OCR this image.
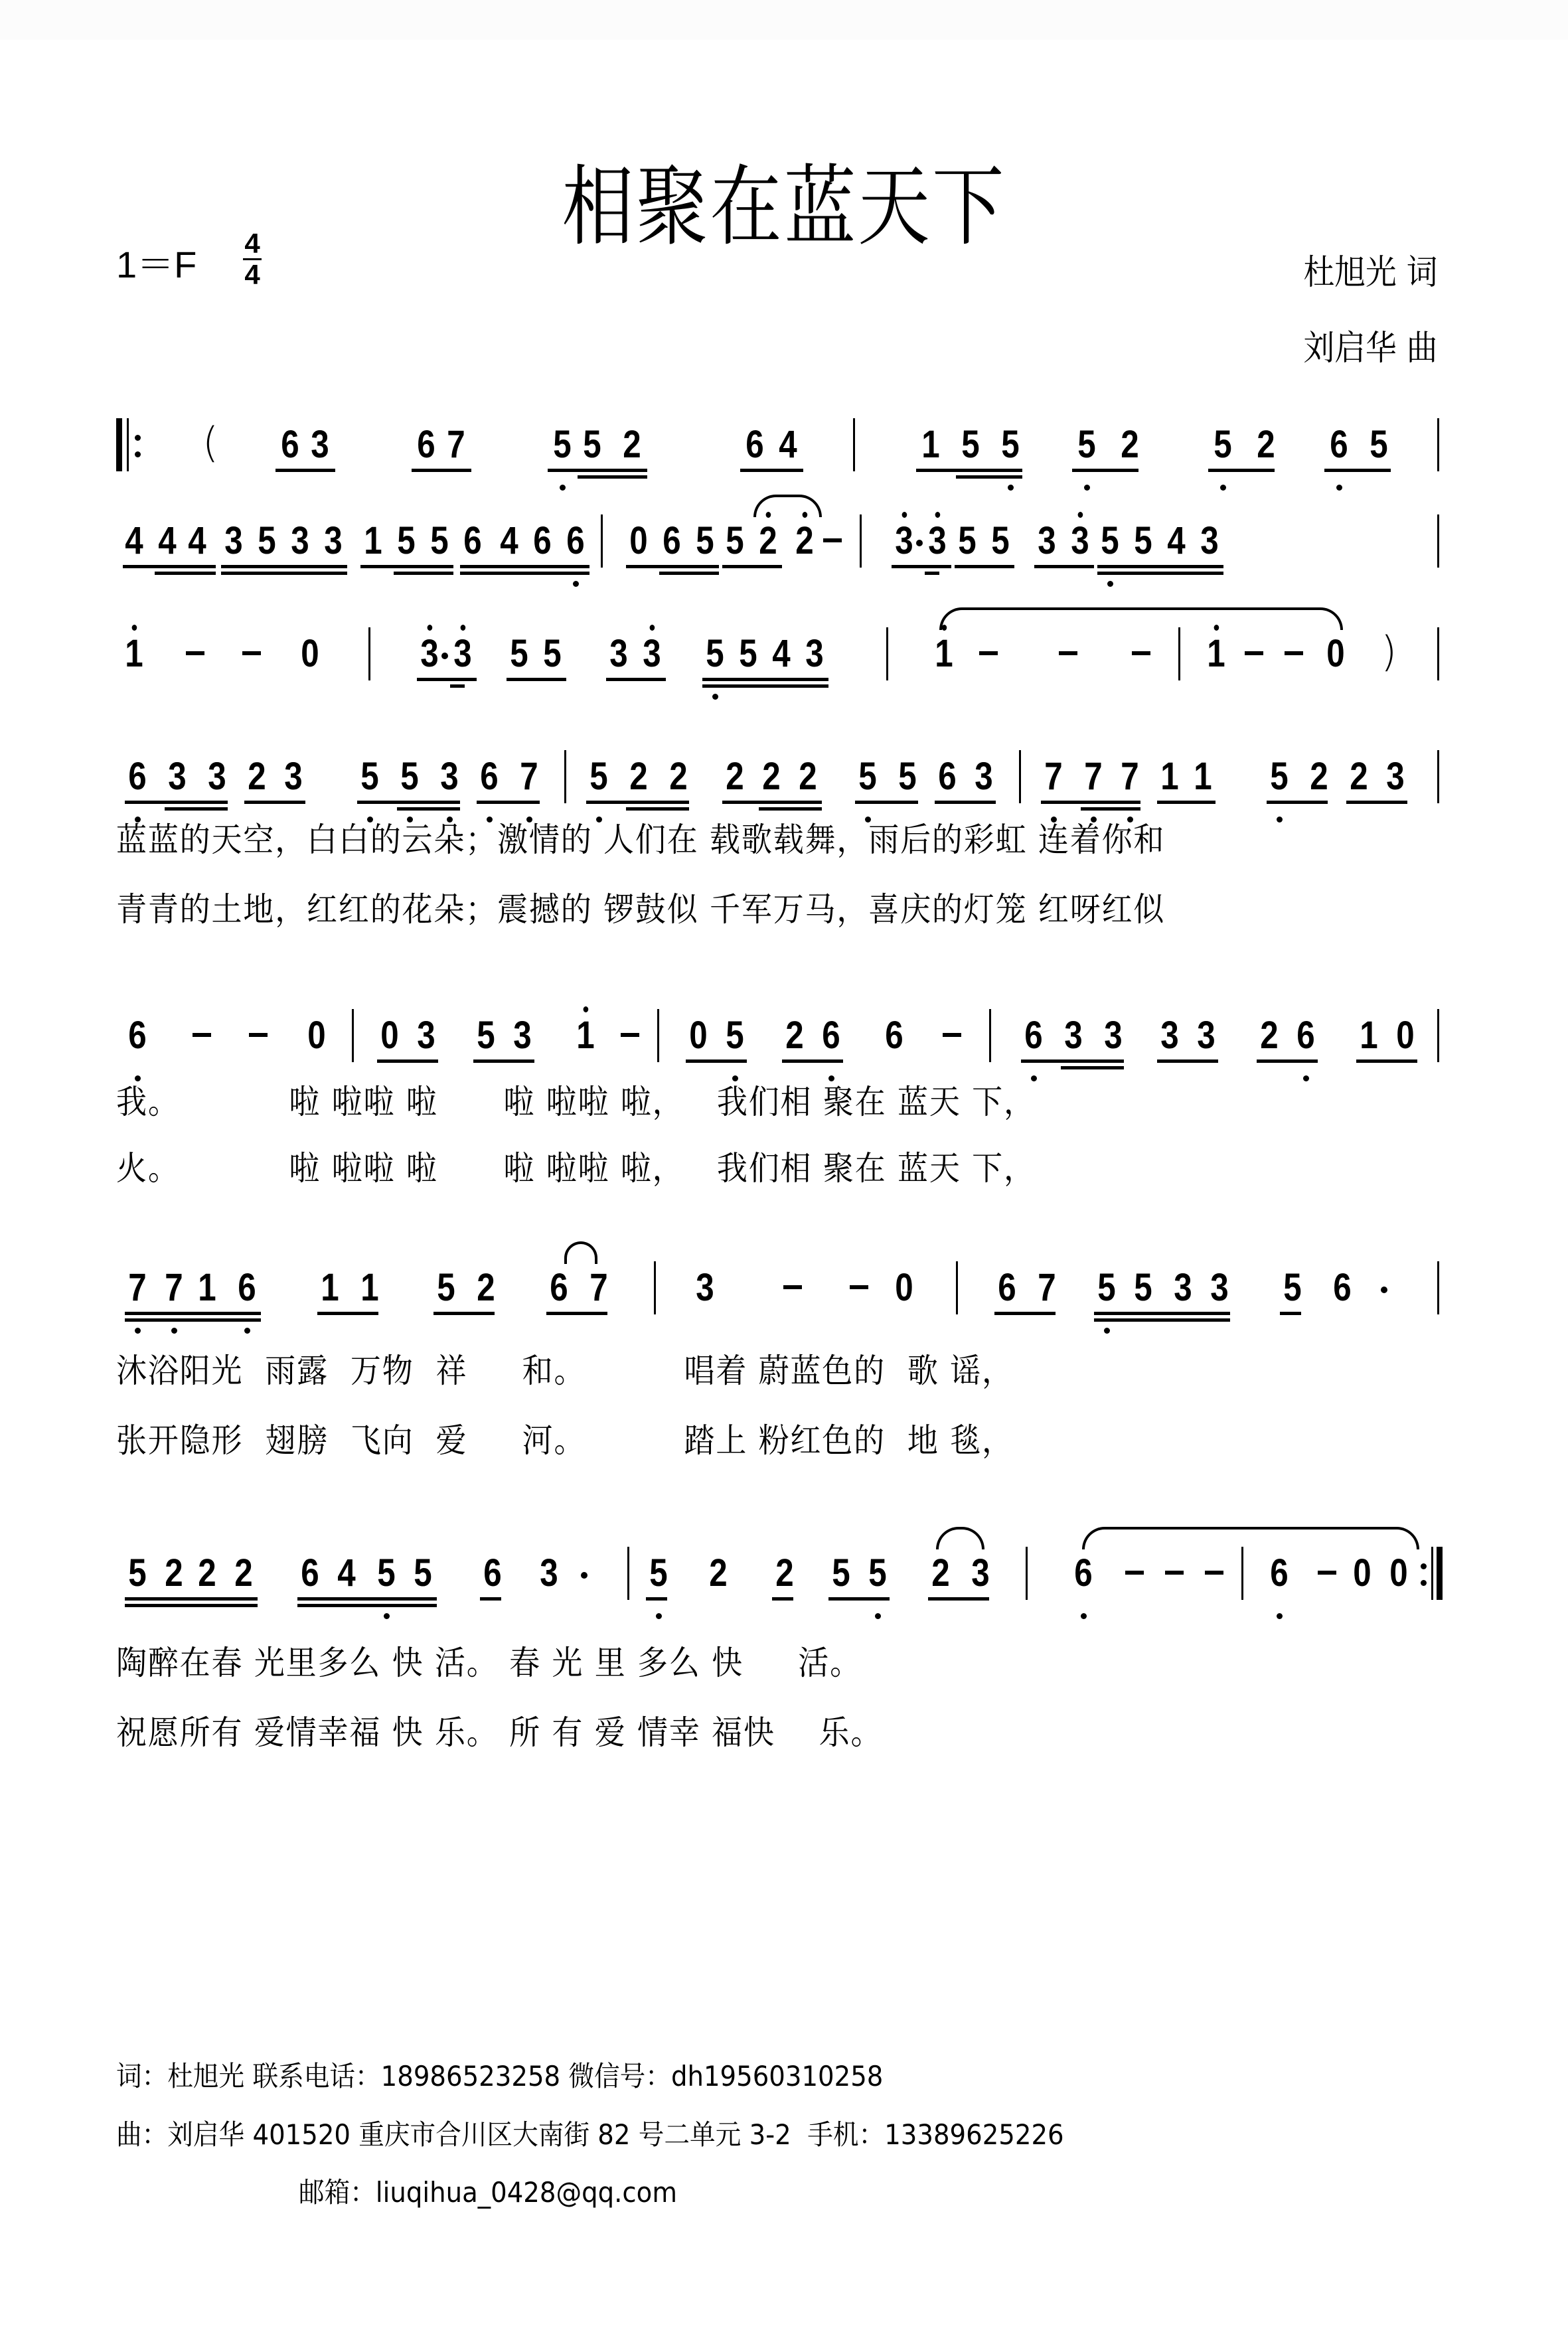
相聚在蓝天下
1＝F
4
4	杜旭光 词
刘启华 曲
( 6 3 6 7 5 5 2	6 4	1 5 5 5 2 5 2 6 5
4 4 4 3 5 3 3 1 5 5 6 4 6 6 0 6 5 5 2 2 3 3 5 5 3 3 5 5 4 3
1	0	3 3 5 5 3 3 5 5 4 3	1	1	0 )
6 3 3 2 3 5 5 3 6 7 5 2 2 2 2 2 5 5 6 3 7 7 7 1 1 5 2 2 3
6	0 0 3 5 3 1 0 5 2 6 6	6 3 3 3 3 2 6 1 0
7 7 1 6 1 1 5 2 6 7 3	0 6 7 5 5 3 3 5 6
5 2 2 2 6 4 5 5 6 3 5 2 2 5 5 2 3 6	6 0 0
蓝蓝的天空，白白的云朵；激情的 人们在 载歌载舞，雨后的彩虹 连着你和
青青的土地，红红的花朵；震撼的 锣鼓似 千军万马，喜庆的灯笼 红呀红似
我。          啦 啦啦 啦      啦 啦啦 啦，   我们相 聚在 蓝天 下，
火。          啦 啦啦 啦      啦 啦啦 啦，   我们相 聚在 蓝天 下，
沐浴阳光  雨露  万物  祥     和。         唱着 蔚蓝色的  歌 谣，
张开隐形  翅膀  飞向  爱     河。         踏上 粉红色的  地 毯，
陶醉在春 光里多么 快 活。 春 光 里 多么 快     活。
祝愿所有 爱情幸福 快 乐。 所 有 爱 情幸 福快    乐。
词：杜旭光 联系电话：18986523258 微信号：dh19560310258
曲：刘启华 401520 重庆市合川区大南街 82 号二单元 3-2  手机：13389625226
邮箱：liuqihua_0428@qq.com
